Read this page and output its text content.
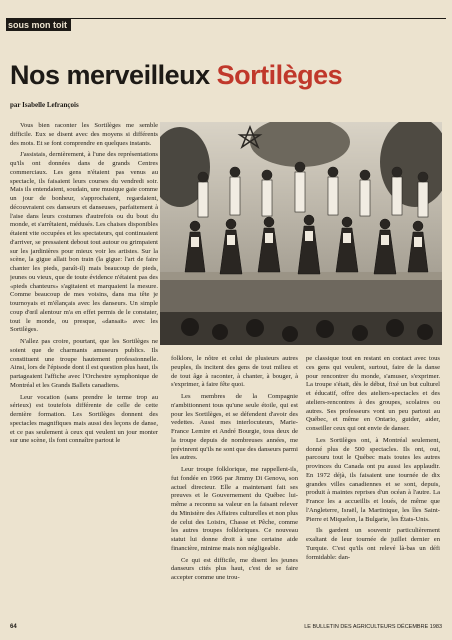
sous mon toit
Nos merveilleux Sortilèges
par Isabelle Lefrançois

Vous bien raconter les Sortilèges me semble difficile. Eux se disent avec des moyens si différents des mots. Et se font comprendre en quelques instants.

J'assistais, dernièrement, à l'une des représentations qu'ils ont données dans de grands Centres commerciaux. Les gens n'étaient pas venus au spectacle, ils faisaient leurs courses du vendredi soir. Mais ils entendaient, soudain, une musique gaie comme un jour de bonheur, s'approchaient, regardaient, découvraient ces danseurs et danseuses, parfaitement à l'aise dans leurs costumes d'autrefois ou du bout du monde, et s'arrêtaient, médusés. Les chaises disponibles étaient vite occupées et les spectateurs, qui continuaient d'arriver, se pressaient debout tout autour ou grimpaient sur les jardinières pour mieux voir les artistes. Sur la scène, la gigue allait bon train (la gigue: l'art de faire chanter les pieds, paraît-il) mais beaucoup de pieds, jeunes ou vieux, que de toute évidence n'étaient pas des «pieds chanteurs» s'agitaient et marquaient la mesure. Comme beaucoup de mes voisins, dans ma tête je tournoyais et m'élançais avec les danseurs. Un simple coup d'œil alentour m'a en effet permis de le constater, tout le monde, ou presque, «dansait» avec les Sortilèges.

N'allez pas croire, pourtant, que les Sortilèges ne soient que de charmants amuseurs publics. Ils constituent une troupe hautement professionnelle. Ainsi, lors de l'épisode dont il est question plus haut, ils partageaient l'affiche avec l'Orchestre symphonique de Montréal et les Grands Ballets canadiens.

Leur vocation (sans prendre le terme trop au sérieux) est toutefois différente de celle de cette dernière formation. Les Sortilèges donnent des spectacles magnifiques mais aussi des leçons de danse, et ce pas seulement à ceux qui veulent un jour monter sur une scène, ils font connaître partout le

folklore, le nôtre et celui de plusieurs autres peuples, ils incitent des gens de tout milieu et de tout âge à raconter, à chanter, à bouger, à s'exprimer, à faire fête quoi.

Les membres de la Compagnie n'ambitionnent tous qu'une seule étoile, qui est pour les Sortilèges, et se défendent d'avoir des vedettes. Aussi mes interlocuteurs, Marie-France Lemire et André Bourgie, tous deux de la troupe depuis de nombreuses années, me prévinrent qu'ils ne sont que des danseurs parmi les autres.

Leur troupe folklorique, me rappellent-ils, fut fondée en 1966 par Jimmy Di Genova, son actuel directeur. Elle a maintenant fait ses preuves et le Gouvernement du Québec lui-même a reconnu sa valeur en la faisant relever du Ministère des Affaires culturelles et non plus de celui des Loisirs, Chasse et Pêche, comme les autres troupes folkloriques. Ce nouveau statut lui donne droit à une certaine aide financière, minime mais non négligeable.

Ce qui est difficile, me disent les jeunes danseurs cités plus haut, c'est de se faire accepter comme une trou-

pe classique tout en restant en contact avec tous ces gens qui veulent, surtout, faire de la danse pour rencontrer du monde, s'amuser, s'exprimer. La troupe s'était, dès le début, fixé un but culturel et éducatif, offre des ateliers-spectacles et des ateliers-rencontres à des groupes, scolaires ou autres. Ses professeurs vont un peu partout au Québec, et même en Ontario, guider, aider, conseiller ceux qui ont envie de danser.

Les Sortilèges ont, à Montréal seulement, donné plus de 500 spectacles. Ils ont, oui, parcouru tout le Québec mais toutes les autres provinces du Canada ont pu aussi les applaudir. En 1972 déjà, ils faisaient une tournée de dix grandes villes canadiennes et se sont, depuis, produit à maintes reprises d'un océan à l'autre. La France les a accueillis et loués, de même que l'Angleterre, Israël, la Martinique, les îles Saint-Pierre et Miquelon, la Bulgarie, les États-Unis.

Ils gardent un souvenir particulièrement exaltant de leur tournée de juillet dernier en Turquie. C'est qu'ils ont relevé là-bas un défi formidable: dan-

64	LE BULLETIN DES AGRICULTEURS DÉCEMBRE 1983
